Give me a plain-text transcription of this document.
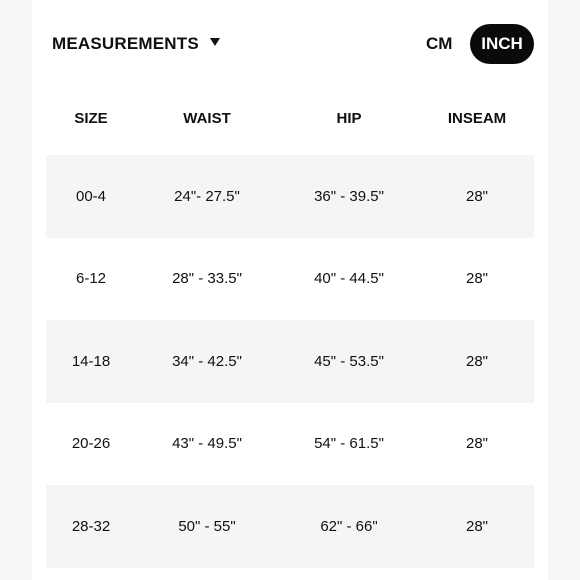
MEASUREMENTS	CM	INCH
SIZE	WAIST	HIP	INSEAM
00-4	24"- 27.5"	36" - 39.5"	28"
6-12	28" - 33.5"	40" - 44.5"	28"
14-18	34" - 42.5"	45" - 53.5"	28"
20-26	43" - 49.5"	54" - 61.5"	28"
28-32	50" - 55"	62" - 66"	28"
